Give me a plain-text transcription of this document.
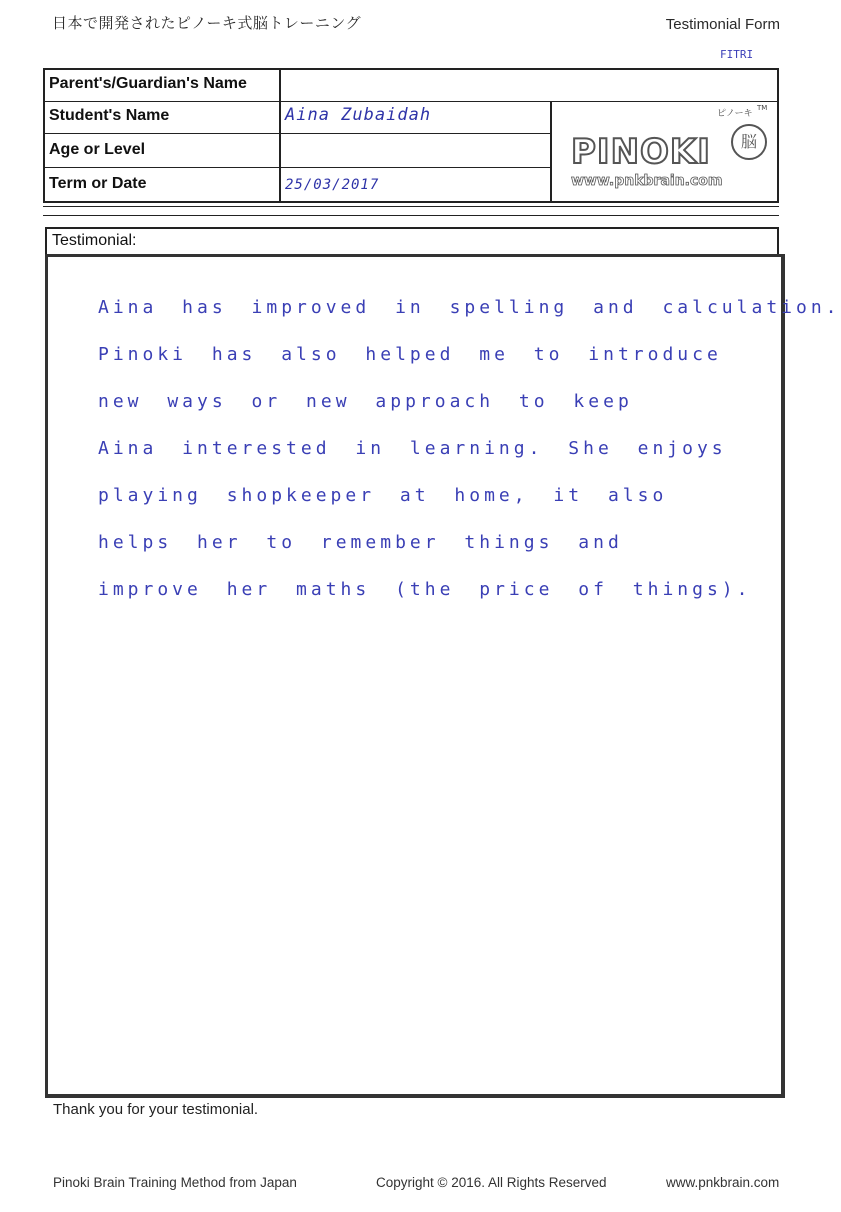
日本で開発されたピノーキ式脳トレーニング	Testimonial Form
FITRI
Parent's/Guardian's Name
Student's Name	Aina Zubaidah
Age or Level
Term or Date	25/03/2017
ピノーキ
TM
PINOKI	脳
www.pnkbrain.com
Testimonial:
Aina has improved in spelling and calculation.
Pinoki has also helped me to introduce
new ways or new approach to keep
Aina interested in learning. She enjoys
playing shopkeeper at home, it also
helps her to remember things and
improve her maths (the price of things).
Thank you for your testimonial.
Pinoki Brain Training Method from Japan	Copyright © 2016. All Rights Reserved	www.pnkbrain.com
